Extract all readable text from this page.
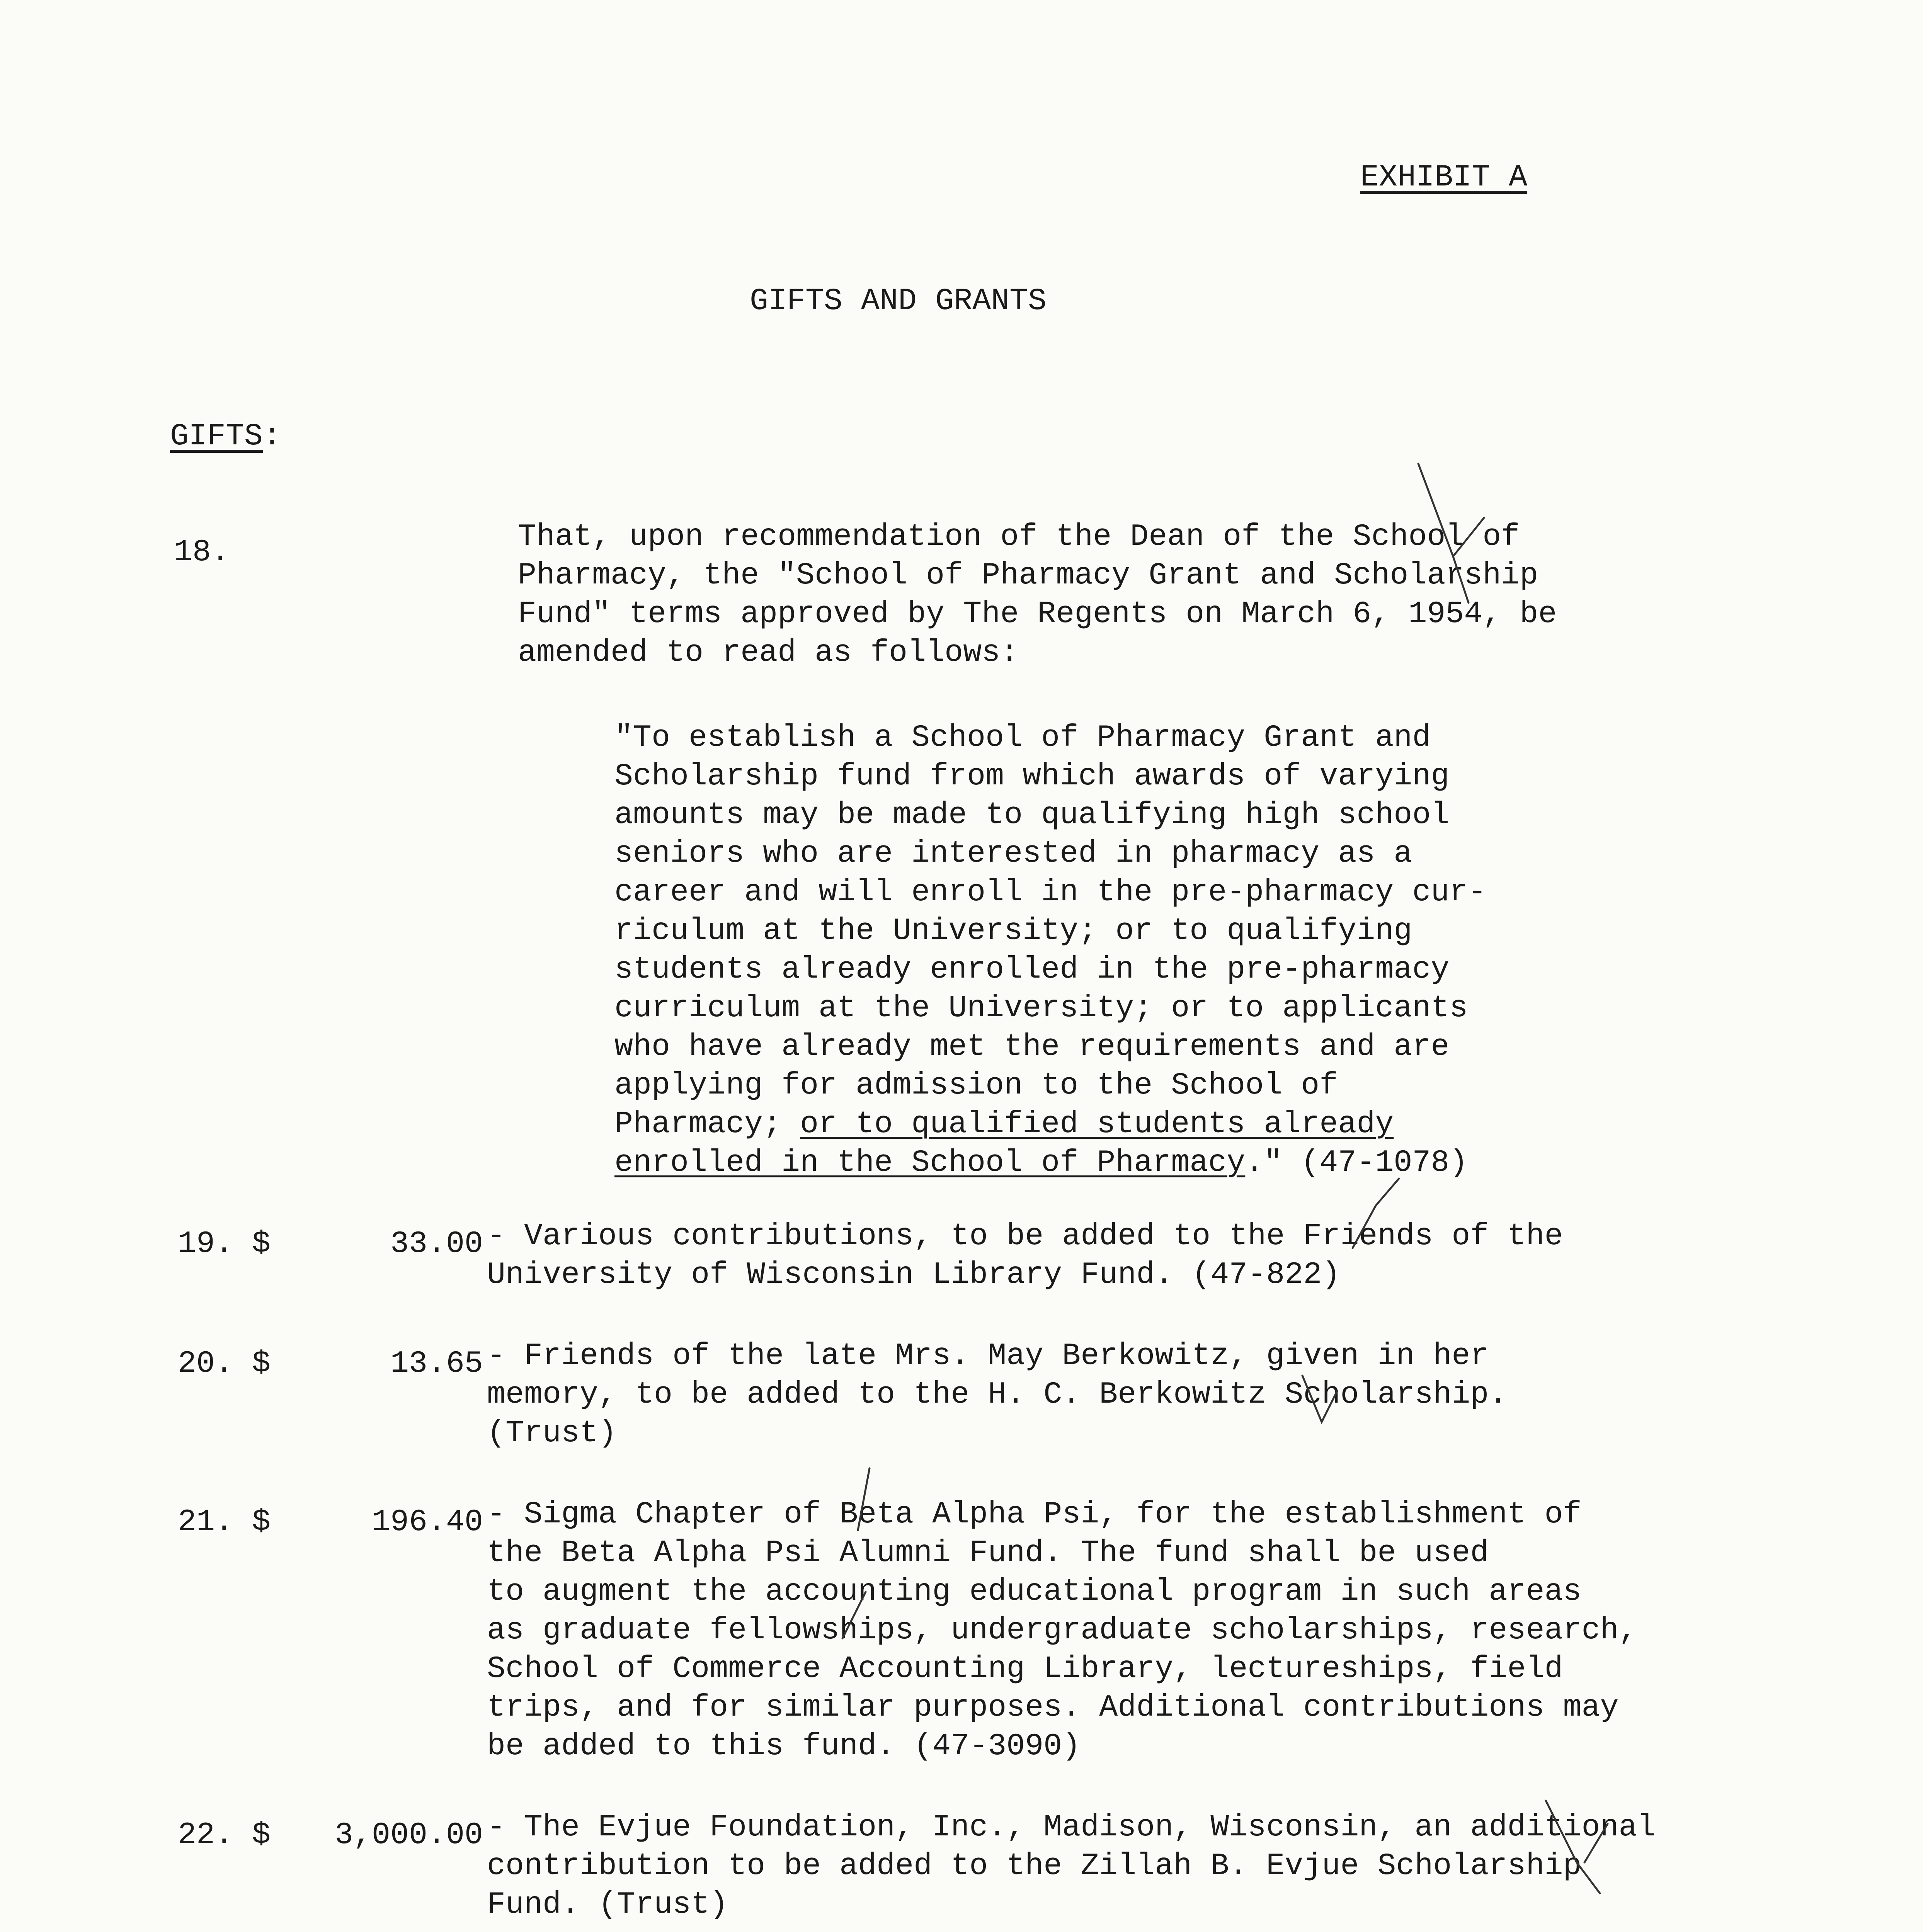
EXHIBIT A
GIFTS AND GRANTS
GIFTS:
18.	That, upon recommendation of the Dean of the School of
Pharmacy, the "School of Pharmacy Grant and Scholarship
Fund" terms approved by The Regents on March 6, 1954, be
amended to read as follows:
"To establish a School of Pharmacy Grant and
Scholarship fund from which awards of varying
amounts may be made to qualifying high school
seniors who are interested in pharmacy as a
career and will enroll in the pre-pharmacy cur-
riculum at the University; or to qualifying
students already enrolled in the pre-pharmacy
curriculum at the University; or to applicants
who have already met the requirements and are
applying for admission to the School of
Pharmacy; or to qualified students already
enrolled in the School of Pharmacy." (47-1078)
19. $	33.00 - Various contributions, to be added to the Friends of the
University of Wisconsin Library Fund. (47-822)
20. $	13.65 - Friends of the late Mrs. May Berkowitz, given in her
memory, to be added to the H. C. Berkowitz Scholarship.
(Trust)
21. $	196.40 - Sigma Chapter of Beta Alpha Psi, for the establishment of
the Beta Alpha Psi Alumni Fund. The fund shall be used
to augment the accounting educational program in such areas
as graduate fellowships, undergraduate scholarships, research,
School of Commerce Accounting Library, lectureships, field
trips, and for similar purposes. Additional contributions may
be added to this fund. (47-3090)
22. $	3,000.00 - The Evjue Foundation, Inc., Madison, Wisconsin, an additional
contribution to be added to the Zillah B. Evjue Scholarship
Fund. (Trust)
